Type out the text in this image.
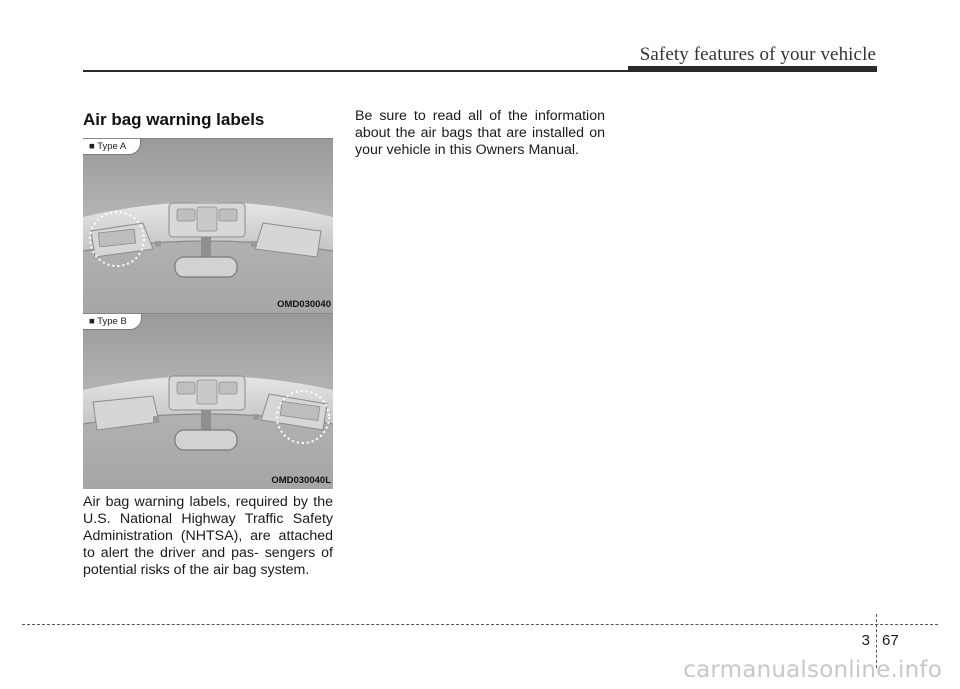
Safety features of your vehicle
Air bag warning labels
■ Type A
OMD030040
■ Type B
OMD030040L
Air bag warning labels, required by the U.S. National Highway Traffic Safety Administration (NHTSA), are attached to alert the driver and pas- sengers of potential risks of the air bag system.
Be sure to read all of the information about the air bags that are installed on your vehicle in this Owners Manual.
3 67
carmanualsonline.info
